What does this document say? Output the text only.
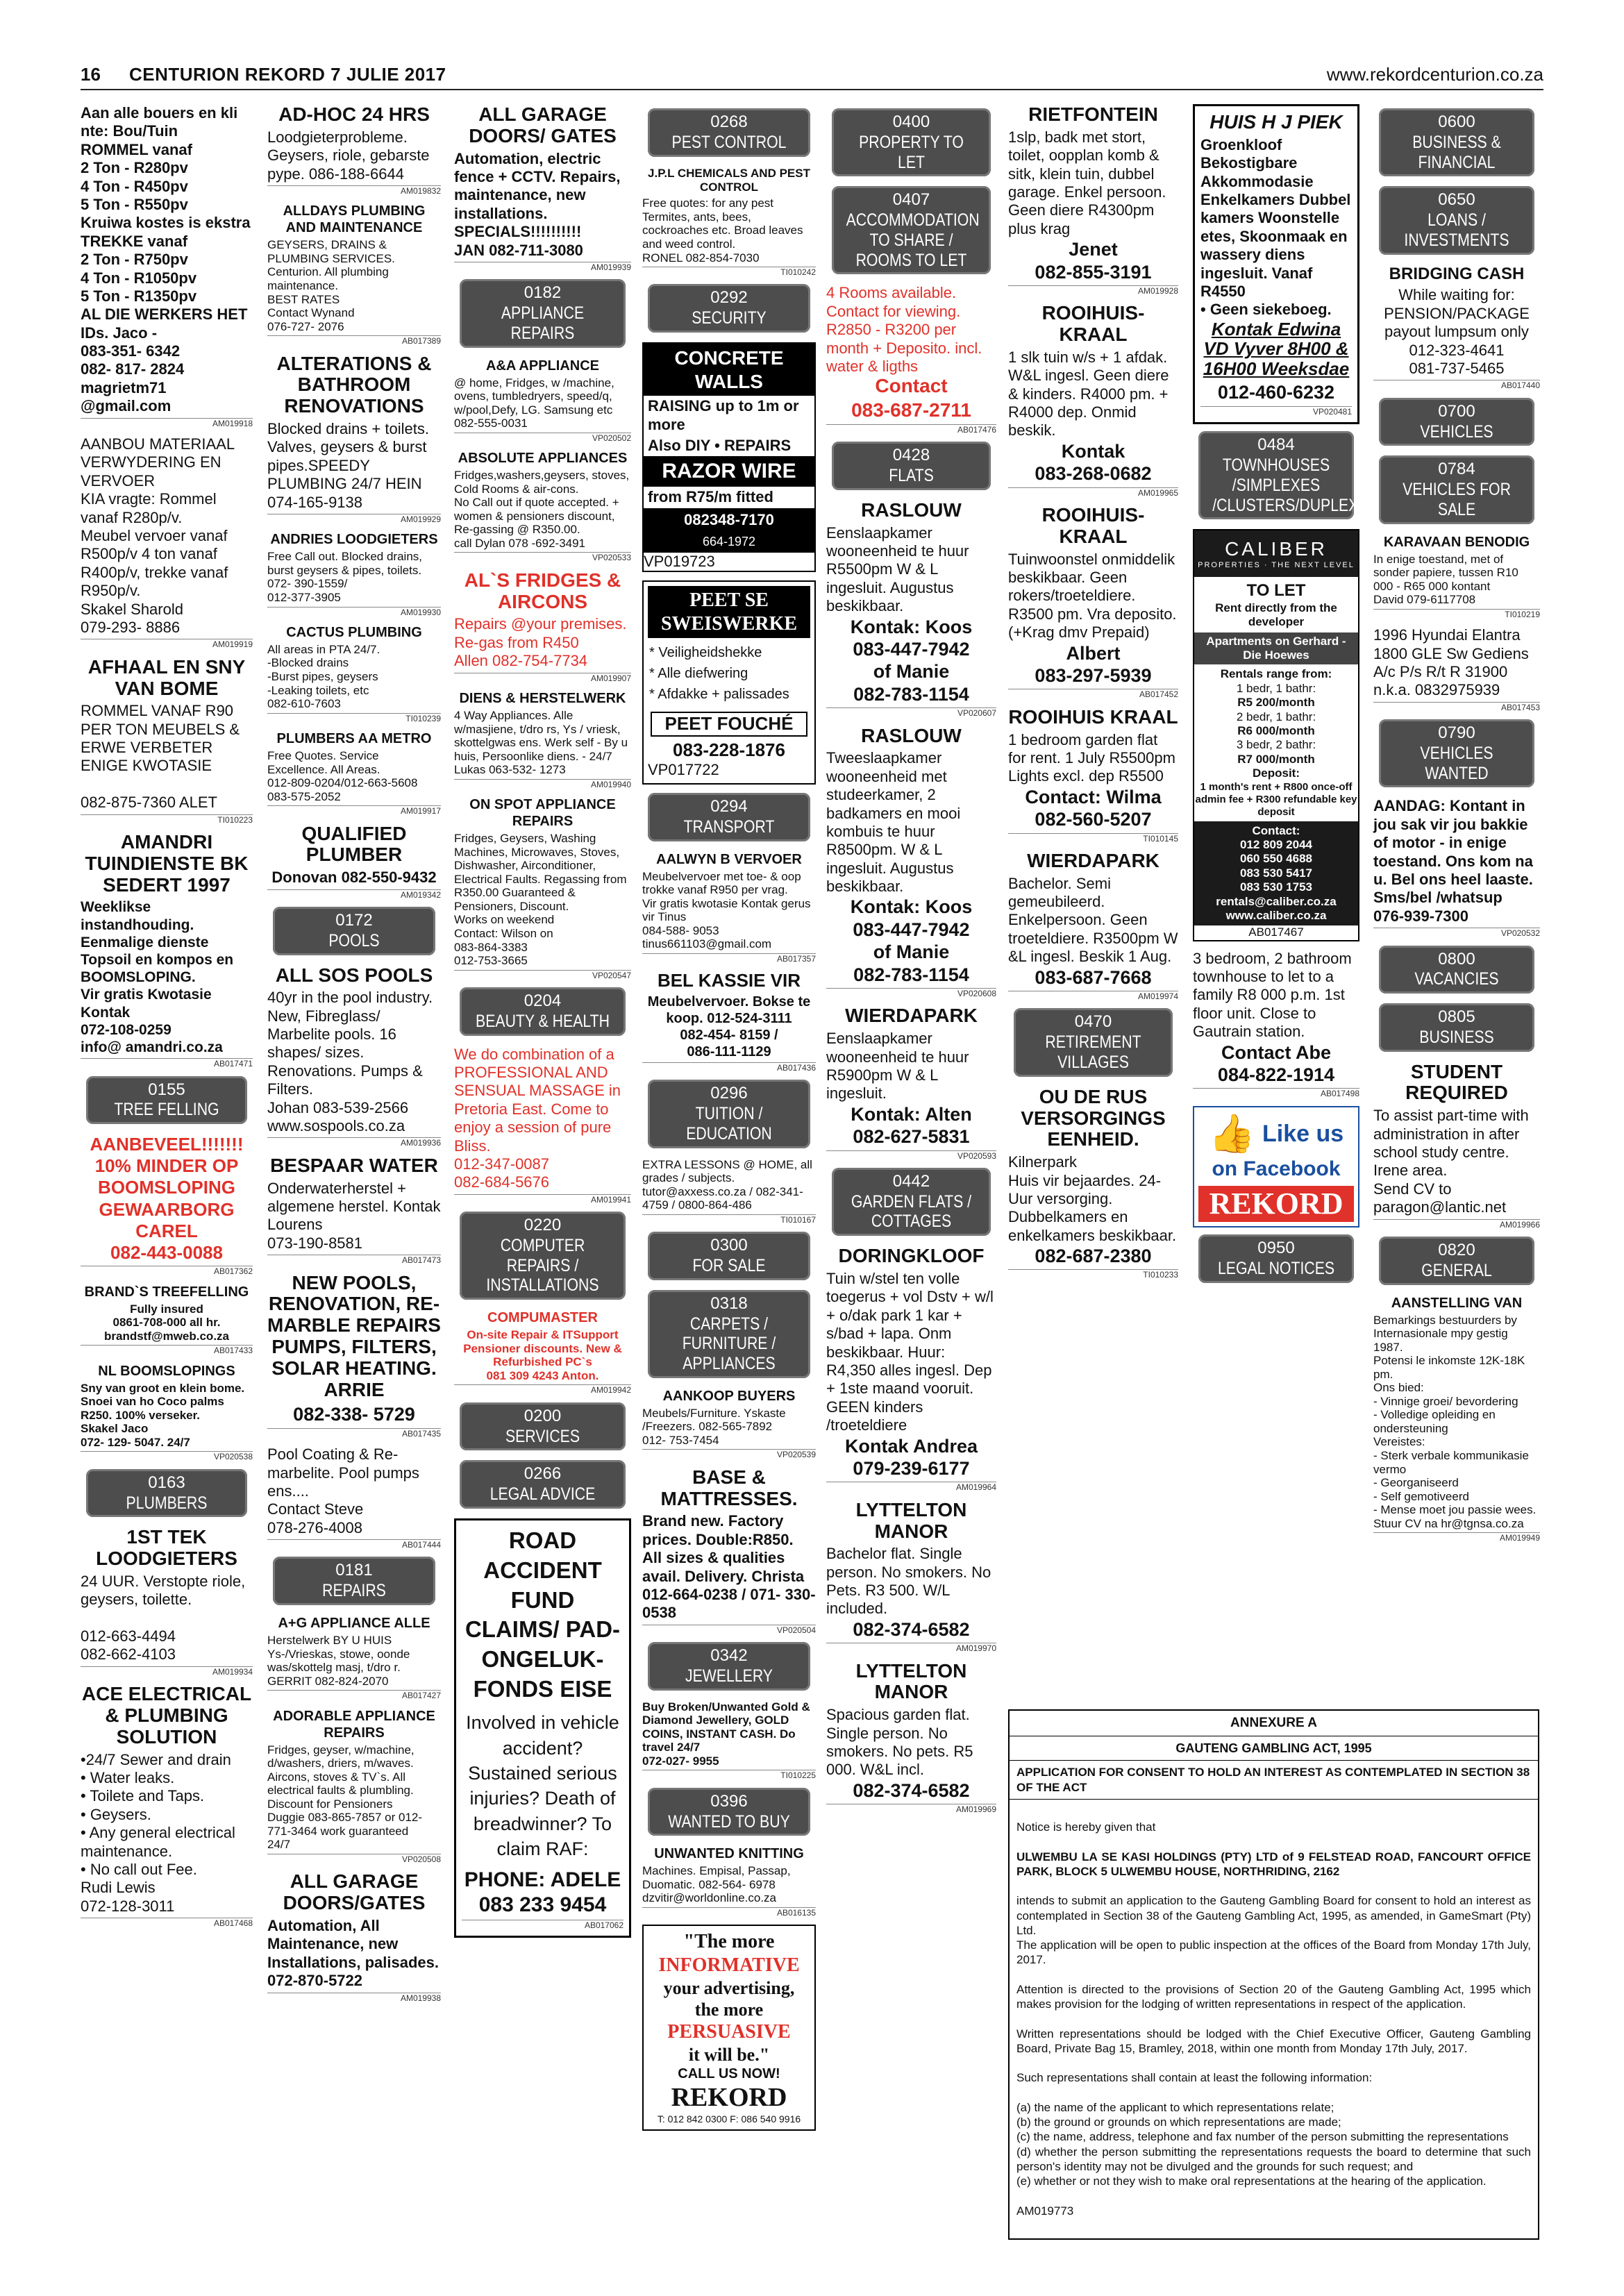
16 CENTURION REKORD 7 JULIE 2017	www.rekordcenturion.co.za
Aan alle bouers en kli nte: Bou/Tuin
ROMMEL vanaf
2 Ton - R280pv
4 Ton - R450pv
5 Ton - R550pv
Kruiwa kostes is ekstra
TREKKE vanaf
2 Ton - R750pv
4 Ton - R1050pv
5 Ton - R1350pv
AL DIE WERKERS HET IDs. Jaco -
083-351- 6342
082- 817- 2824
magrietm71 @gmail.com
AM019918
AANBOU MATERIAAL VERWYDERING EN VERVOER
KIA vragte: Rommel vanaf R280p/v.
Meubel vervoer vanaf R500p/v 4 ton vanaf R400p/v, trekke vanaf R950p/v.
Skakel Sharold
079-293- 8886
AM019919
AFHAAL EN SNY VAN BOME
ROMMEL VANAF R90 PER TON MEUBELS & ERWE VERBETER ENIGE KWOTASIE

082-875-7360 ALET
TI010223
AMANDRI TUINDIENSTE BK SEDERT 1997
Weeklikse instandhouding. Eenmalige dienste Topsoil en kompos en BOOMSLOPING.
Vir gratis Kwotasie Kontak
072-108-0259
info@ amandri.co.za
AB017471
0155
TREE FELLING
AANBEVEEL!!!!!!! 10% MINDER OP BOOMSLOPING GEWAARBORG CAREL
082-443-0088
AB017362
BRAND`S TREEFELLING
Fully insured
0861-708-000 all hr.
brandstf@mweb.co.za
AB017433
NL BOOMSLOPINGS
Sny van groot en klein bome. Snoei van ho Coco palms R250. 100% verseker.
Skakel Jaco
072- 129- 5047. 24/7
VP020538
0163
PLUMBERS
1ST TEK LOODGIETERS
24 UUR. Verstopte riole, geysers, toilette.

012-663-4494
082-662-4103
AM019934
ACE ELECTRICAL & PLUMBING SOLUTION
•24/7 Sewer and drain
• Water leaks.
• Toilete and Taps.
• Geysers.
• Any general electrical maintenance.
• No call out Fee.
Rudi Lewis
072-128-3011
AB017468
AD-HOC 24 HRS
Loodgieterprobleme. Geysers, riole, gebarste pype. 086-188-6644
AM019832
ALLDAYS PLUMBING AND MAINTENANCE
GEYSERS, DRAINS & PLUMBING SERVICES. Centurion. All plumbing maintenance.
BEST RATES
Contact Wynand
076-727- 2076
AB017389
ALTERATIONS & BATHROOM RENOVATIONS
Blocked drains + toilets. Valves, geysers & burst pipes.SPEEDY PLUMBING 24/7 HEIN 074-165-9138
AM019929
ANDRIES LOODGIETERS
Free Call out. Blocked drains, burst geysers & pipes, toilets.
072- 390-1559/
012-377-3905
AM019930
CACTUS PLUMBING
All areas in PTA 24/7.
-Blocked drains
-Burst pipes, geysers
-Leaking toilets, etc
082-610-7603
TI010239
PLUMBERS AA METRO
Free Quotes. Service Excellence. All Areas.
012-809-0204/012-663-5608
083-575-2052
AM019917
QUALIFIED PLUMBER
Donovan 082-550-9432
AM019342
0172
POOLS
ALL SOS POOLS
40yr in the pool industry. New, Fibreglass/ Marbelite pools. 16 shapes/ sizes. Renovations. Pumps & Filters.
Johan 083-539-2566
www.sospools.co.za
AM019936
BESPAAR WATER
Onderwaterherstel + algemene herstel. Kontak Lourens
073-190-8581
AB017473
NEW POOLS, RENOVATION, RE-MARBLE REPAIRS PUMPS, FILTERS, SOLAR HEATING. ARRIE
082-338- 5729
AB017435
Pool Coating & Re-marbelite. Pool pumps ens....
Contact Steve
078-276-4008
AB017444
0181
REPAIRS
A+G APPLIANCE ALLE
Herstelwerk BY U HUIS Ys-/Vrieskas, stowe, oonde was/skottelg masj, t/dro r.
GERRIT 082-824-2070
AB017427
ADORABLE APPLIANCE REPAIRS
Fridges, geyser, w/machine, d/washers, driers, m/waves. Aircons, stoves & TV`s. All electrical faults & plumbling. Discount for Pensioners
Duggie 083-865-7857 or 012-771-3464 work guaranteed
24/7
VP020508
ALL GARAGE DOORS/GATES
Automation, All Maintenance, new Installations, palisades.
072-870-5722
AM019938
ALL GARAGE DOORS/ GATES
Automation, electric fence + CCTV. Repairs, maintenance, new installations. SPECIALS!!!!!!!!!!
JAN 082-711-3080
AM019939
0182
APPLIANCE REPAIRS
A&A APPLIANCE
@ home, Fridges, w /machine, ovens, tumbledryers, speed/q, w/pool,Defy, LG. Samsung etc
082-555-0031
VP020502
ABSOLUTE APPLIANCES
Fridges,washers,geysers, stoves, Cold Rooms & air-cons.
No Call out if quote accepted. + women & pensioners discount, Re-gassing @ R350.00.
call Dylan 078 -692-3491
VP020533
AL`S FRIDGES & AIRCONS
Repairs @your premises. Re-gas from R450
Allen 082-754-7734
AM019907
DIENS & HERSTELWERK
4 Way Appliances. Alle w/masjiene, t/dro rs, Ys / vriesk, skottelgwas ens. Werk self - By u huis, Persoonlike diens. - 24/7
Lukas 063-532- 1273
AM019940
ON SPOT APPLIANCE REPAIRS
Fridges, Geysers, Washing Machines, Microwaves, Stoves, Dishwasher, Airconditioner, Electrical Faults. Regassing from R350.00 Guaranteed & Pensioners, Discount.
Works on weekend
Contact: Wilson on
083-864-3383
012-753-3665
VP020547
0204
BEAUTY & HEALTH
We do combination of a PROFESSIONAL AND SENSUAL MASSAGE in Pretoria East. Come to enjoy a session of pure Bliss.
012-347-0087
082-684-5676
AM019941
0220
COMPUTER REPAIRS / INSTALLATIONS
COMPUMASTER
On-site Repair & ITSupport Pensioner discounts. New & Refurbished PC`s
081 309 4243 Anton.
AM019942
0200
SERVICES
0266
LEGAL ADVICE
ROAD ACCIDENT FUND CLAIMS/ PAD-ONGELUK-FONDS EISE
Involved in vehicle accident? Sustained serious injuries? Death of breadwinner? To claim RAF:
PHONE: ADELE
083 233 9454
AB017062
0268
PEST CONTROL
J.P.L CHEMICALS AND PEST CONTROL
Free quotes: for any pest Termites, ants, bees, cockroaches etc. Broad leaves and weed control.
RONEL 082-854-7030
TI010242
0292
SECURITY
CONCRETE WALLS
RAISING up to 1m or more
Also DIY • REPAIRS
RAZOR WIRE
from R75/m fitted
082348-7170
664-1972
VP019723
PEET SE SWEISWERKE
* Veiligheidshekke
* Alle diefwering
* Afdakke + palissades
PEET FOUCHÉ
083-228-1876
VP017722
0294
TRANSPORT
AALWYN B VERVOER
Meubelvervoer met toe- & oop trokke vanaf R950 per vrag.
Vir gratis kwotasie Kontak gerus vir Tinus
084-588- 9053
tinus661103@gmail.com
AB017357
BEL KASSIE VIR
Meubelvervoer. Bokse te koop. 012-524-3111
082-454- 8159 /
086-111-1129
AB017436
0296
TUITION / EDUCATION
EXTRA LESSONS @ HOME, all grades / subjects. tutor@axxess.co.za / 082-341-4759 / 0800-864-486
TI010167
0300
FOR SALE
0318
CARPETS / FURNITURE / APPLIANCES
AANKOOP BUYERS
Meubels/Furniture. Yskaste /Freezers. 082-565-7892
012- 753-7454
VP020539
BASE & MATTRESSES.
Brand new. Factory prices. Double:R850. All sizes & qualities avail. Delivery. Christa 012-664-0238 / 071- 330-0538
VP020504
0342
JEWELLERY
Buy Broken/Unwanted Gold & Diamond Jewellery, GOLD COINS, INSTANT CASH. Do travel 24/7
072-027- 9955
TI010225
0396
WANTED TO BUY
UNWANTED KNITTING
Machines. Empisal, Passap, Duomatic. 082-564- 6978 dzvitir@worldonline.co.za
AB016135
"The more
INFORMATIVE
your advertising,
the more
PERSUASIVE
it will be."
CALL US NOW!
REKORD
T: 012 842 0300 F: 086 540 9916
0400
PROPERTY TO LET
0407
ACCOMMODATION TO SHARE / ROOMS TO LET
4 Rooms available. Contact for viewing. R2850 - R3200 per month + Deposito. incl. water & ligths
Contact
083-687-2711
AB017476
0428
FLATS
RASLOUW
Eenslaapkamer wooneenheid te huur R5500pm W & L ingesluit. Augustus beskikbaar.
Kontak: Koos
083-447-7942
of Manie
082-783-1154
VP020607
RASLOUW
Tweeslaapkamer wooneenheid met studeerkamer, 2 badkamers en mooi kombuis te huur R8500pm. W & L ingesluit. Augustus beskikbaar.
Kontak: Koos
083-447-7942
of Manie
082-783-1154
VP020608
WIERDAPARK
Eenslaapkamer wooneenheid te huur R5900pm W & L ingesluit.
Kontak: Alten
082-627-5831
VP020593
0442
GARDEN FLATS / COTTAGES
DORINGKLOOF
Tuin w/stel ten volle toegerus + vol Dstv + w/l + o/dak park 1 kar + s/bad + lapa. Onm beskikbaar. Huur: R4,350 alles ingesl. Dep + 1ste maand vooruit. GEEN kinders /troeteldiere
Kontak Andrea
079-239-6177
AM019964
LYTTELTON MANOR
Bachelor flat. Single person. No smokers. No Pets. R3 500. W/L included.
082-374-6582
AM019970
LYTTELTON MANOR
Spacious garden flat. Single person. No smokers. No pets. R5 000. W&L incl.
082-374-6582
AM019969
RIETFONTEIN
1slp, badk met stort, toilet, oopplan komb & sitk, klein tuin, dubbel garage. Enkel persoon. Geen diere R4300pm plus krag
Jenet
082-855-3191
AM019928
ROOIHUIS-KRAAL
1 slk tuin w/s + 1 afdak. W&L ingesl. Geen diere & kinders. R4000 pm. + R4000 dep. Onmid beskik.
Kontak
083-268-0682
AM019965
ROOIHUIS-KRAAL
Tuinwoonstel onmiddelik beskikbaar. Geen rokers/troeteldiere. R3500 pm. Vra deposito. (+Krag dmv Prepaid)
Albert
083-297-5939
AB017452
ROOIHUIS KRAAL
1 bedroom garden flat for rent. 1 July R5500pm Lights excl. dep R5500
Contact: Wilma
082-560-5207
TI010145
WIERDAPARK
Bachelor. Semi gemeubileerd. Enkelpersoon. Geen troeteldiere. R3500pm W &L ingesl. Beskik 1 Aug.
083-687-7668
AM019974
0470
RETIREMENT VILLAGES
OU DE RUS VERSORGINGS EENHEID.
Kilnerpark
Huis vir bejaardes. 24-Uur versorging. Dubbelkamers en enkelkamers beskikbaar.
082-687-2380
TI010233
HUIS H J PIEK
Groenkloof Bekostigbare Akkommodasie Enkelkamers Dubbel kamers Woonstelle etes, Skoonmaak en wassery diens ingesluit. Vanaf R4550
• Geen siekeboeg.
Kontak Edwina VD Vyver 8H00 & 16H00 Weeksdae
012-460-6232
VP020481
0484
TOWNHOUSES /SIMPLEXES /CLUSTERS/DUPLEXES
CALIBER
PROPERTIES · THE NEXT LEVEL
TO LET
Rent directly from the developer
Apartments on Gerhard - Die Hoewes
Rentals range from:
1 bedr, 1 bathr:
R5 200/month
2 bedr, 1 bathr:
R6 000/month
3 bedr, 2 bathr:
R7 000/month
Deposit:
1 month's rent + R800 once-off admin fee + R300 refundable key deposit
Contact:
012 809 2044
060 550 4688
083 530 5417
083 530 1753
rentals@caliber.co.za
www.caliber.co.za
AB017467
3 bedroom, 2 bathroom townhouse to let to a family R8 000 p.m. 1st floor unit. Close to Gautrain station.
Contact Abe
084-822-1914
AB017498
👍 Like us
on Facebook
REKORD
0950
LEGAL NOTICES
0600
BUSINESS & FINANCIAL
0650
LOANS / INVESTMENTS
BRIDGING CASH
While waiting for: PENSION/PACKAGE payout lumpsum only
012-323-4641
081-737-5465
AB017440
0700
VEHICLES
0784
VEHICLES FOR SALE
KARAVAAN BENODIG
In enige toestand, met of sonder papiere, tussen R10 000 - R65 000 kontant
David 079-6117708
TI010219
1996 Hyundai Elantra 1800 GLE Sw Gediens A/c P/s R/t R 31900 n.k.a. 0832975939
AB017453
0790
VEHICLES WANTED
AANDAG: Kontant in jou sak vir jou bakkie of motor - in enige toestand. Ons kom na u. Bel ons heel laaste. Sms/bel /whatsup
076-939-7300
VP020532
0800
VACANCIES
0805
BUSINESS
STUDENT REQUIRED
To assist part-time with administration in after school study centre. Irene area.
Send CV to paragon@lantic.net
AM019966
0820
GENERAL
AANSTELLING VAN
Bemarkings bestuurders by Internasionale mpy gestig 1987.
Potensi le inkomste 12K-18K pm.
Ons bied:
- Vinnige groei/ bevordering
- Volledige opleiding en ondersteuning
Vereistes:
- Sterk verbale kommunikasie vermo
- Georganiseerd
- Self gemotiveerd
- Mense moet jou passie wees.
Stuur CV na hr@tgnsa.co.za
AM019949
ANNEXURE A
GAUTENG GAMBLING ACT, 1995
APPLICATION FOR CONSENT TO HOLD AN INTEREST AS CONTEMPLATED IN SECTION 38 OF THE ACT

Notice is hereby given that

ULWEMBU LA SE KASI HOLDINGS (PTY) LTD of 9 FELSTEAD ROAD, FANCOURT OFFICE PARK, BLOCK 5 ULWEMBU HOUSE, NORTHRIDING, 2162

intends to submit an application to the Gauteng Gambling Board for consent to hold an interest as contemplated in Section 38 of the Gauteng Gambling Act, 1995, as amended, in GameSmart (Pty) Ltd.
The application will be open to public inspection at the offices of the Board from Monday 17th July, 2017.

Attention is directed to the provisions of Section 20 of the Gauteng Gambling Act, 1995 which makes provision for the lodging of written representations in respect of the application.

Written representations should be lodged with the Chief Executive Officer, Gauteng Gambling Board, Private Bag 15, Bramley, 2018, within one month from Monday 17th July, 2017.

Such representations shall contain at least the following information:

(a) the name of the applicant to which representations relate;
(b) the ground or grounds on which representations are made;
(c) the name, address, telephone and fax number of the person submitting the representations
(d) whether the person submitting the representations requests the board to determine that such person's identity may not be divulged and the grounds for such request; and
(e) whether or not they wish to make oral representations at the hearing of the application.

AM019773
